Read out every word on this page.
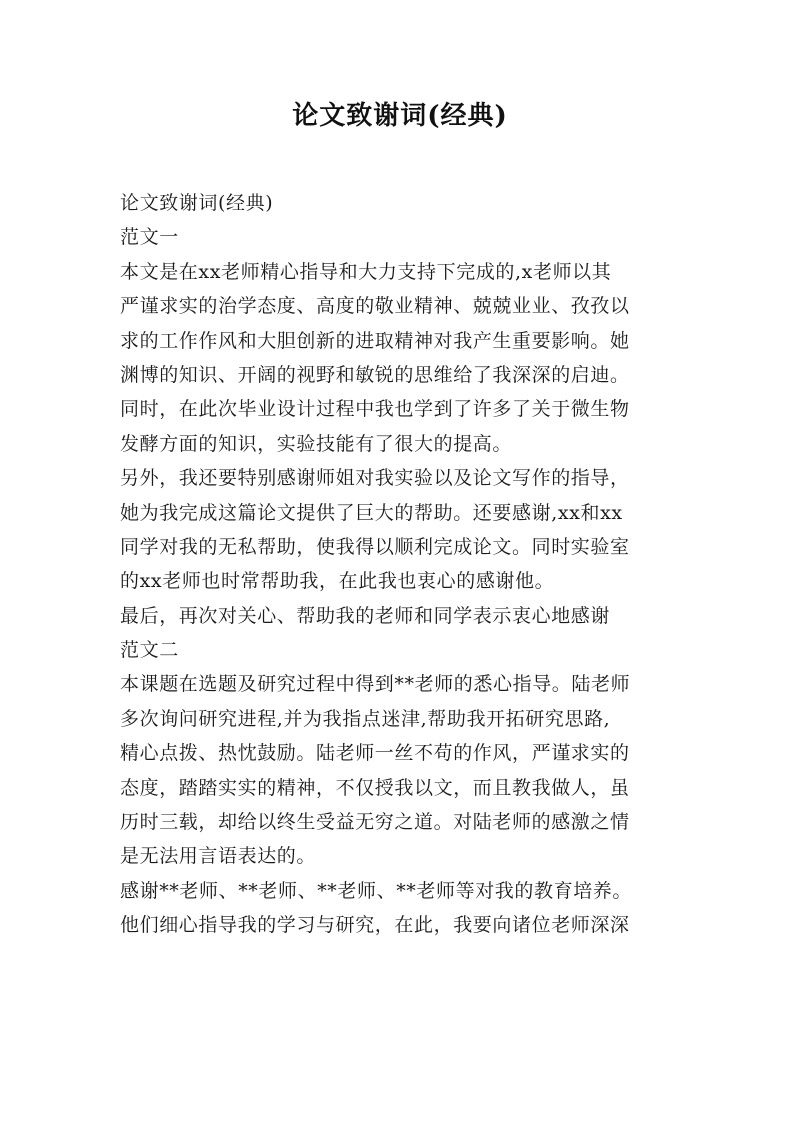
论文致谢词(经典)
论文致谢词(经典)
范文一
本文是在xx老师精心指导和大力支持下完成的,x老师以其
严谨求实的治学态度、高度的敬业精神、兢兢业业、孜孜以
求的工作作风和大胆创新的进取精神对我产生重要影响。她
渊博的知识、开阔的视野和敏锐的思维给了我深深的启迪。
同时，在此次毕业设计过程中我也学到了许多了关于微生物
发酵方面的知识，实验技能有了很大的提高。
另外，我还要特别感谢师姐对我实验以及论文写作的指导，
她为我完成这篇论文提供了巨大的帮助。还要感谢,xx和xx
同学对我的无私帮助，使我得以顺利完成论文。同时实验室
的xx老师也时常帮助我，在此我也衷心的感谢他。
最后，再次对关心、帮助我的老师和同学表示衷心地感谢
范文二
本课题在选题及研究过程中得到**老师的悉心指导。陆老师
多次询问研究进程,并为我指点迷津,帮助我开拓研究思路,
精心点拨、热忱鼓励。陆老师一丝不苟的作风，严谨求实的
态度，踏踏实实的精神，不仅授我以文，而且教我做人，虽
历时三载，却给以终生受益无穷之道。对陆老师的感激之情
是无法用言语表达的。
感谢**老师、**老师、**老师、**老师等对我的教育培养。
他们细心指导我的学习与研究，在此，我要向诸位老师深深
